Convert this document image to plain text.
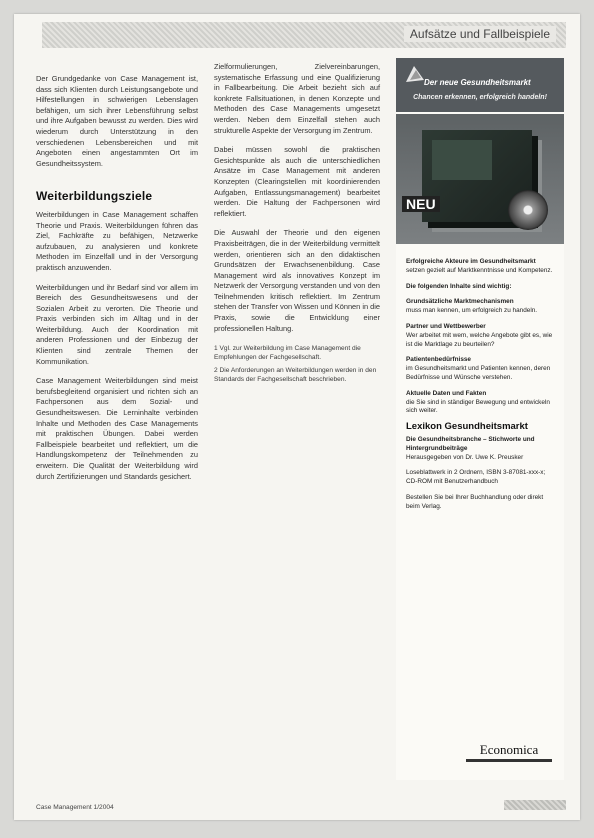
Aufsätze und Fallbeispiele

Der Grundgedanke von Case Management ist, dass sich Klienten durch Leistungsangebote und Hilfestellungen in schwierigen Lebenslagen befähigen, um sich ihrer Lebensführung selbst und ihre Aufgaben bewusst zu werden. Dies wird wiederum durch Unterstützung in den verschiedenen Lebensbereichen und mit Angeboten einen angestammten Ort im Gesundheitssystem.

Weiterbildungsziele

Weiterbildungen in Case Management schaffen Theorie und Praxis. Weiterbildungen führen das Ziel, Fachkräfte zu befähigen, Netzwerke aufzubauen, zu analysieren und konkrete Methoden im Einzelfall und in der Versorgung praktisch anzuwenden.

Weiterbildungen und ihr Bedarf sind vor allem im Bereich des Gesundheitswesens und der Sozialen Arbeit zu verorten. Die Theorie und Praxis verbinden sich im Alltag und in der Weiterbildung. Auch der Koordination mit anderen Professionen und der Einbezug der Klienten sind zentrale Themen der Kommunikation.

Case Management Weiterbildungen sind meist berufsbegleitend organisiert und richten sich an Fachpersonen aus dem Sozial- und Gesundheitswesen. Die Lerninhalte verbinden Inhalte und Methoden des Case Managements mit praktischen Übungen. Dabei werden Fallbeispiele bearbeitet und reflektiert, um die Handlungskompetenz der Teilnehmenden zu erweitern. Die Qualität der Weiterbildung wird durch Zertifizierungen und Standards gesichert.

Zielformulierungen, Zielvereinbarungen, systematische Erfassung und eine Qualifizierung in Fallbearbeitung. Die Arbeit bezieht sich auf konkrete Fallsituationen, in denen Konzepte und Methoden des Case Managements umgesetzt werden. Neben dem Einzelfall stehen auch strukturelle Aspekte der Versorgung im Zentrum.

Dabei müssen sowohl die praktischen Gesichtspunkte als auch die unterschiedlichen Ansätze im Case Management mit anderen Konzepten (Clearingstellen mit koordinierenden Aufgaben, Entlassungsmanagement) bearbeitet werden. Die Haltung der Fachpersonen wird reflektiert.

Die Auswahl der Theorie und den eigenen Praxisbeiträgen, die in der Weiterbildung vermittelt werden, orientieren sich an den didaktischen Grundsätzen der Erwachsenenbildung. Case Management wird als innovatives Konzept im Netzwerk der Versorgung verstanden und von den Teilnehmenden kritisch reflektiert. Im Zentrum stehen der Transfer von Wissen und Können in die Praxis, sowie die Entwicklung einer professionellen Haltung.

1 Vgl. zur Weiterbildung im Case Management die Empfehlungen der Fachgesellschaft.
2 Die Anforderungen an Weiterbildungen werden in den Standards der Fachgesellschaft beschrieben.
Der neue Gesundheitsmarkt
Chancen erkennen, erfolgreich handeln!
NEU
Erfolgreiche Akteure im Gesundheitsmarkt
setzen gezielt auf Marktkenntnisse und Kompetenz.
Die folgenden Inhalte sind wichtig:
Grundsätzliche Marktmechanismen
muss man kennen, um erfolgreich zu handeln.
Partner und Wettbewerber
Wer arbeitet mit wem, welche Angebote gibt es, wie ist die Marktlage zu beurteilen?
Patientenbedürfnisse
im Gesundheitsmarkt und Patienten kennen, deren Bedürfnisse und Wünsche verstehen.
Aktuelle Daten und Fakten
die Sie sind in ständiger Bewegung und entwickeln sich weiter.
Lexikon Gesundheitsmarkt
Die Gesundheitsbranche – Stichworte und Hintergrundbeiträge
Herausgegeben von Dr. Uwe K. Preusker
Loseblattwerk in 2 Ordnern, ISBN 3-87081-xxx-x; CD-ROM mit Benutzerhandbuch
Bestellen Sie bei Ihrer Buchhandlung oder direkt beim Verlag.
Economica
Case Management 1/2004
